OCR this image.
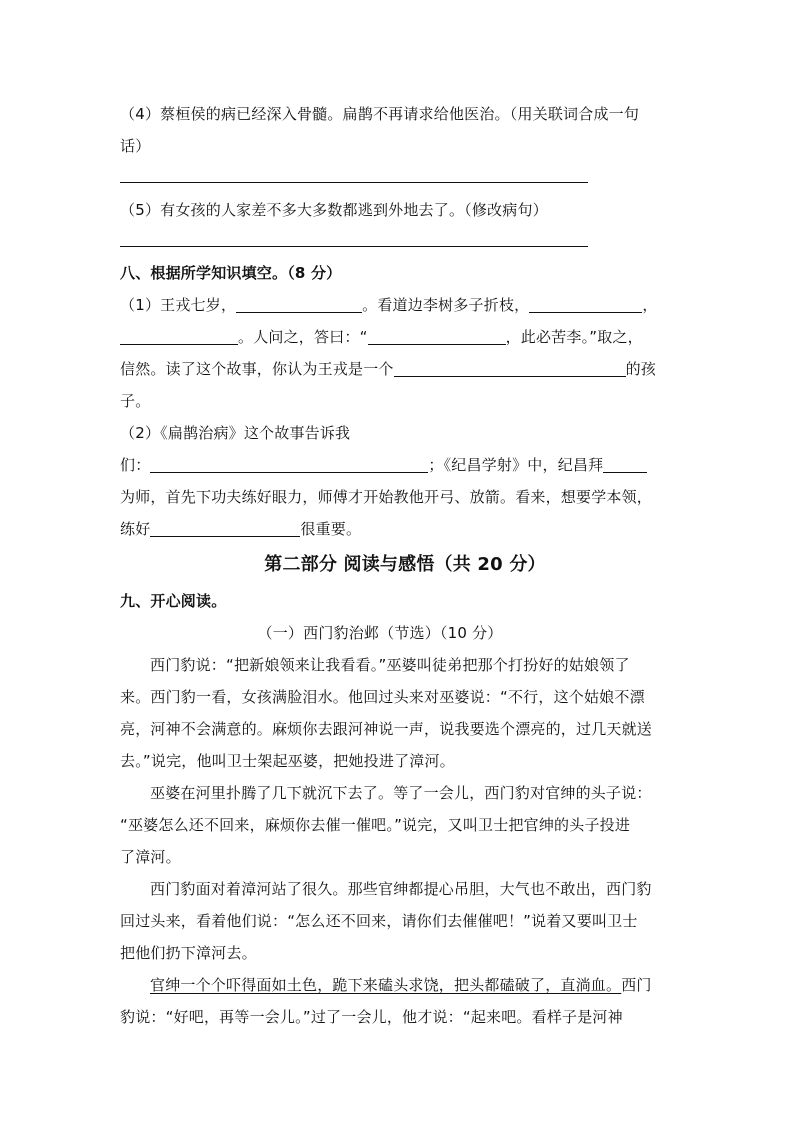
（4）蔡桓侯的病已经深入骨髓。扁鹊不再请求给他医治。（用关联词合成一句
话）
（5）有女孩的人家差不多大多数都逃到外地去了。（修改病句）
八、根据所学知识填空。（8 分）
（1）王戎七岁，	。看道边李树多子折枝，	，
。人问之，答曰：“	，此必苦李。”取之，
信然。读了这个故事，你认为王戎是一个	的孩
子。
（2）《扁鹊治病》这个故事告诉我
们：	；《纪昌学射》中，纪昌拜
为师，首先下功夫练好眼力，师傅才开始教他开弓、放箭。看来，想要学本领，
练好	很重要。
第二部分 阅读与感悟（共 20 分）
九、开心阅读。
（一）西门豹治邺（节选）（10 分）
西门豹说：“把新娘领来让我看看。”巫婆叫徒弟把那个打扮好的姑娘领了
来。西门豹一看，女孩满脸泪水。他回过头来对巫婆说：“不行，这个姑娘不漂
亮，河神不会满意的。麻烦你去跟河神说一声，说我要选个漂亮的，过几天就送
去。”说完，他叫卫士架起巫婆，把她投进了漳河。
巫婆在河里扑腾了几下就沉下去了。等了一会儿，西门豹对官绅的头子说：
“巫婆怎么还不回来，麻烦你去催一催吧。”说完，又叫卫士把官绅的头子投进
了漳河。
西门豹面对着漳河站了很久。那些官绅都提心吊胆，大气也不敢出，西门豹
回过头来，看着他们说：“怎么还不回来，请你们去催催吧！”说着又要叫卫士
把他们扔下漳河去。
官绅一个个吓得面如土色，跪下来磕头求饶，把头都磕破了，直淌血。西门
豹说：“好吧，再等一会儿。”过了一会儿，他才说：“起来吧。看样子是河神
